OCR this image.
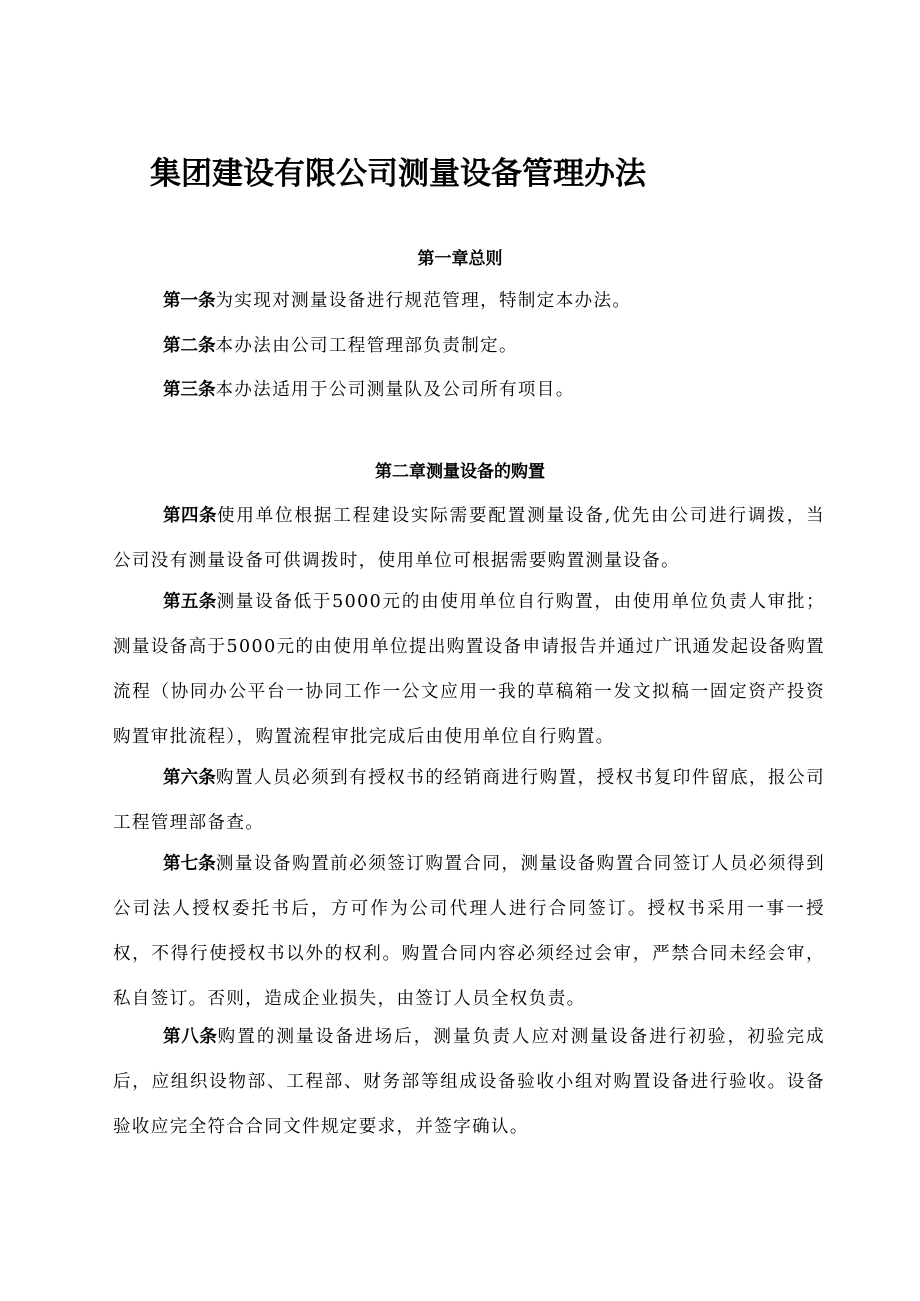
集团建设有限公司测量设备管理办法
第一章总则

第一条为实现对测量设备进行规范管理，特制定本办法。

第二条本办法由公司工程管理部负责制定。

第三条本办法适用于公司测量队及公司所有项目。

第二章测量设备的购置

第四条使用单位根据工程建设实际需要配置测量设备,优先由公司进行调拨，当公司没有测量设备可供调拨时，使用单位可根据需要购置测量设备。

第五条测量设备低于5000元的由使用单位自行购置，由使用单位负责人审批；测量设备高于5000元的由使用单位提出购置设备申请报告并通过广讯通发起设备购置流程（协同办公平台一协同工作一公文应用一我的草稿箱一发文拟稿一固定资产投资购置审批流程），购置流程审批完成后由使用单位自行购置。

第六条购置人员必须到有授权书的经销商进行购置，授权书复印件留底，报公司工程管理部备查。

第七条测量设备购置前必须签订购置合同，测量设备购置合同签订人员必须得到公司法人授权委托书后，方可作为公司代理人进行合同签订。授权书采用一事一授权，不得行使授权书以外的权利。购置合同内容必须经过会审，严禁合同未经会审，私自签订。否则，造成企业损失，由签订人员全权负责。

第八条购置的测量设备进场后，测量负责人应对测量设备进行初验，初验完成后，应组织设物部、工程部、财务部等组成设备验收小组对购置设备进行验收。设备验收应完全符合合同文件规定要求，并签字确认。
